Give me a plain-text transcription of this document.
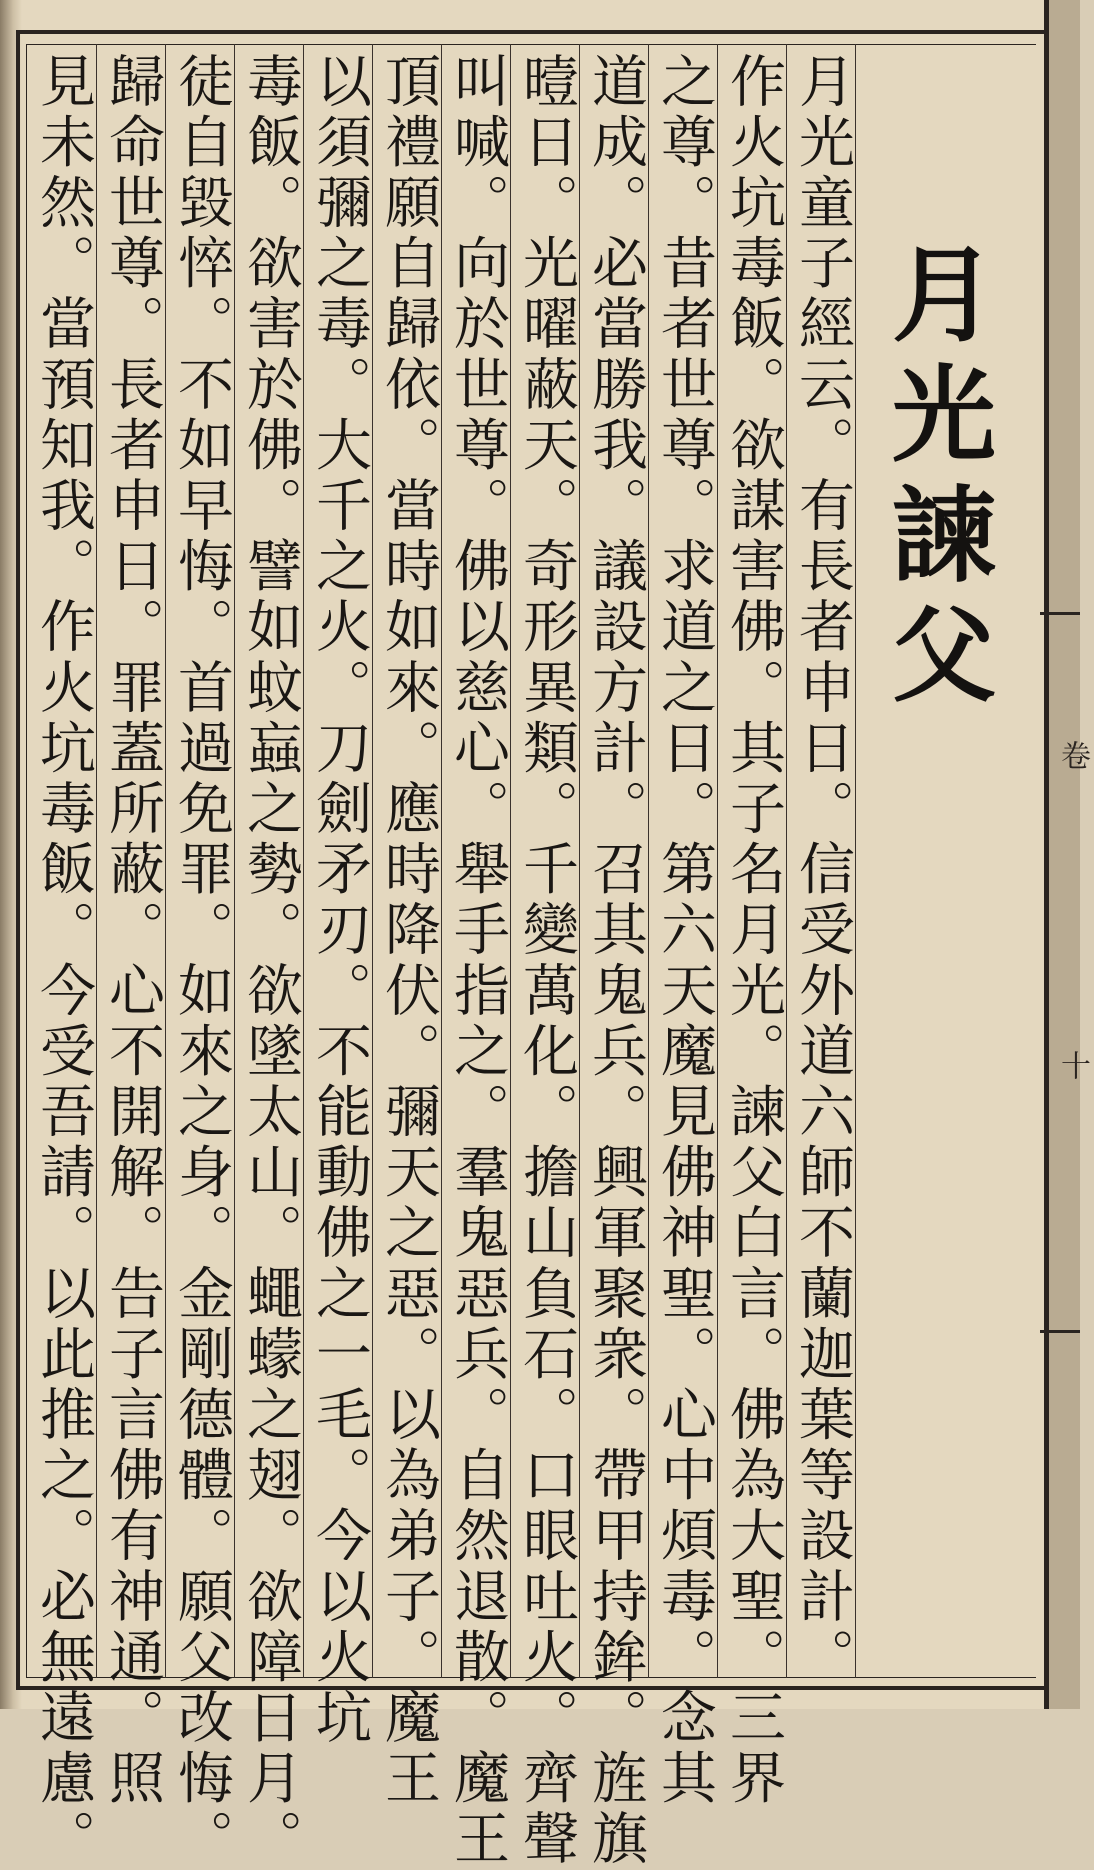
卷
十
月光諫父
月光童子經云。有長者申日。信受外道六師不蘭迦葉等設計。
作火坑毒飯。欲謀害佛。其子名月光。諫父白言。佛為大聖。三界
之尊。昔者世尊。求道之日。第六天魔見佛神聖。心中煩毒。念其
道成。必當勝我。議設方計。召其鬼兵。興軍聚衆。帶甲持鉾。旌旗
曀日。光曜蔽天。奇形異類。千變萬化。擔山負石。口眼吐火。齊聲
叫喊。向於世尊。佛以慈心。舉手指之。羣鬼惡兵。自然退散。魔王
頂禮願自歸依。當時如來。應時降伏。彌天之惡。以為弟子。魔王
以須彌之毒。大千之火。刀劍矛刃。不能動佛之一毛。今以火坑
毒飯。欲害於佛。譬如蚊蝱之勢。欲墜太山。蠅蠓之翅。欲障日月。
徒自毀悴。不如早悔。首過免罪。如來之身。金剛德體。願父改悔。
歸命世尊。長者申日。罪蓋所蔽。心不開解。告子言佛有神通。照
見未然。當預知我。作火坑毒飯。今受吾請。以此推之。必無遠慮。
